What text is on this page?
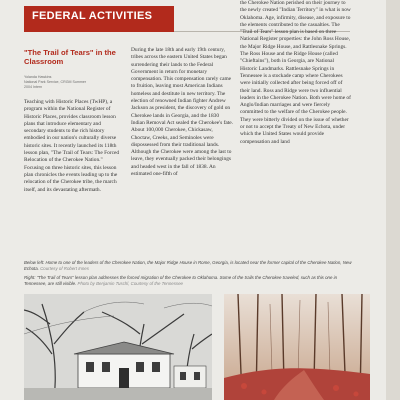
FEDERAL ACTIVITIES
"The Trail of Tears" in the Classroom
Yolanda Hawkins
National Park Service, CRGM Summer
2004 Intern
Teaching with Historic Places (TwHP), a program within the National Register of Historic Places, provides classroom lesson plans that introduce elementary and secondary students to the rich history embodied in our nation's culturally diverse historic sites. It recently launched its 118th lesson plan, "The Trail of Tears: The Forced Relocation of the Cherokee Nation." Focusing on three historic sites, this lesson plan chronicles the events leading up to the relocation of the Cherokee tribe, the march itself, and its devastating aftermath.
During the late 18th and early 19th century, tribes across the eastern United States began surrendering their lands to the Federal Government in return for monetary compensation. This compensation rarely came to fruition, leaving most American Indians homeless and destitute in new territory. The election of renowned Indian fighter Andrew Jackson as president, the discovery of gold on Cherokee lands in Georgia, and the 1830 Indian Removal Act sealed the Cherokee's fate. About 100,000 Cherokee, Chickasaw, Choctaw, Creeks, and Seminoles were dispossessed from their traditional lands. Although the Cherokee were among the last to leave, they eventually packed their belongings and headed west in the fall of 1838. An estimated one-fifth of
the Cherokee Nation perished on their journey to the newly created "Indian Territory" in what is now Oklahoma. Age, infirmity, disease, and exposure to the elements contributed to the casualties. The "Trail of Tears" lesson plan is based on three National Register properties: the John Ross House, the Major Ridge House, and Rattlesnake Springs. The Ross House and the Ridge House (called "Chieftains"), both in Georgia, are National Historic Landmarks. Rattlesnake Springs in Tennessee is a stockade camp where Cherokees were initially collected after being forced off of their land. Ross and Ridge were two influential leaders in the Cherokee Nation. Both were home of Anglo/Indian marriages and were fiercely committed to the welfare of the Cherokee people. They were bitterly divided on the issue of whether or not to accept the Treaty of New Echota, under which the United States would provide compensation and land
Below left: Home to one of the leaders of the Cherokee Nation, the Major Ridge House in Rome, Georgia, is located near the former capital of the Cherokee Nation, New Echota. Courtesy of Robert Innes
Right: "The Trail of Tears" lesson plan addresses the forced migration of the Cherokee to Oklahoma. Some of the trails the Cherokee traveled, such as this one in Tennessee, are still visible. Photo by Benjamin Tuschl, Courtesy of the Tennessee
